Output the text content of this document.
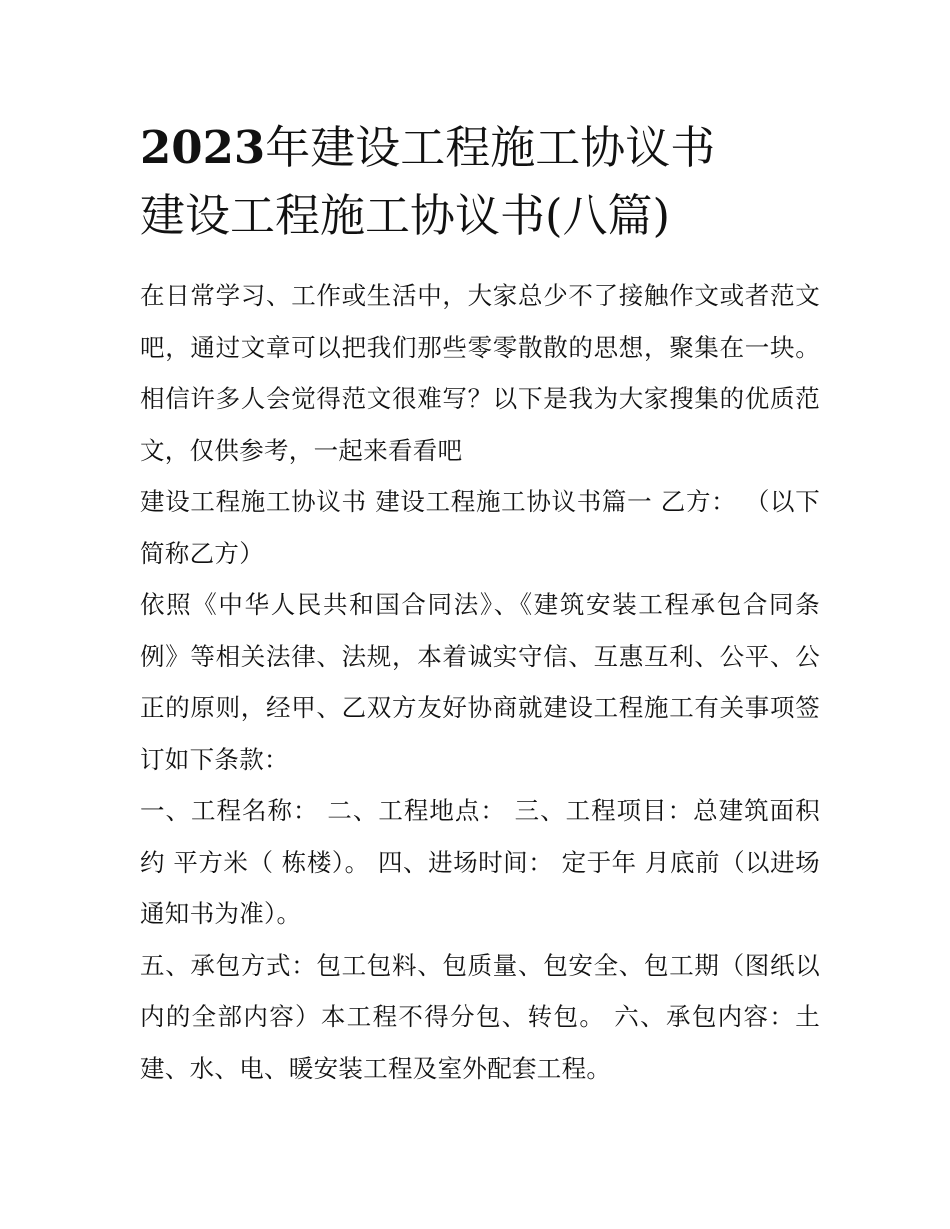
2023年建设工程施工协议书
建设工程施工协议书(八篇)

在日常学习、工作或生活中，大家总少不了接触作文或者范文吧，通过文章可以把我们那些零零散散的思想，聚集在一块。相信许多人会觉得范文很难写？以下是我为大家搜集的优质范文，仅供参考，一起来看看吧

建设工程施工协议书 建设工程施工协议书篇一 乙方： （以下简称乙方）

依照《中华人民共和国合同法》、《建筑安装工程承包合同条例》等相关法律、法规，本着诚实守信、互惠互利、公平、公正的原则，经甲、乙双方友好协商就建设工程施工有关事项签订如下条款：

一、工程名称： 二、工程地点： 三、工程项目：总建筑面积约 平方米（ 栋楼）。 四、进场时间： 定于年 月底前（以进场通知书为准）。

五、承包方式：包工包料、包质量、包安全、包工期（图纸以内的全部内容）本工程不得分包、转包。 六、承包内容：土建、水、电、暖安装工程及室外配套工程。
